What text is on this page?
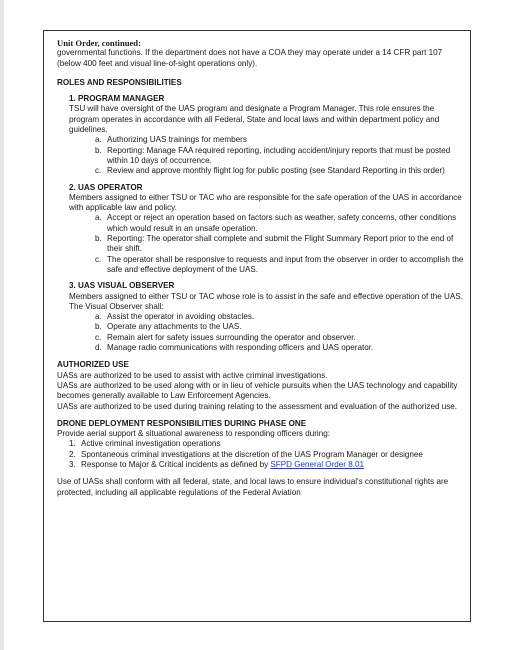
Unit Order, continued:
governmental functions. If the department does not have a COA they may operate under a 14 CFR part 107 (below 400 feet and visual line-of-sight operations only).
ROLES AND RESPONSIBILITIES
1. PROGRAM MANAGER
TSU will have oversight of the UAS program and designate a Program Manager. This role ensures the program operates in accordance with all Federal, State and local laws and within department policy and guidelines.
a. Authorizing UAS trainings for members
b. Reporting: Manage FAA required reporting, including accident/injury reports that must be posted within 10 days of occurrence.
c. Review and approve monthly flight log for public posting (see Standard Reporting in this order)
2. UAS OPERATOR
Members assigned to either TSU or TAC who are responsible for the safe operation of the UAS in accordance with applicable law and policy.
a. Accept or reject an operation based on factors such as weather, safety concerns, other conditions which would result in an unsafe operation.
b. Reporting: The operator shall complete and submit the Flight Summary Report prior to the end of their shift.
c. The operator shall be responsive to requests and input from the observer in order to accomplish the safe and effective deployment of the UAS.
3. UAS VISUAL OBSERVER
Members assigned to either TSU or TAC whose role is to assist in the safe and effective operation of the UAS. The Visual Observer shall:
a. Assist the operator in avoiding obstacles.
b. Operate any attachments to the UAS.
c. Remain alert for safety issues surrounding the operator and observer.
d. Manage radio communications with responding officers and UAS operator.
AUTHORIZED USE
UASs are authorized to be used to assist with active criminal investigations.
UASs are authorized to be used along with or in lieu of vehicle pursuits when the UAS technology and capability becomes generally available to Law Enforcement Agencies.
UASs are authorized to be used during training relating to the assessment and evaluation of the authorized use.
DRONE DEPLOYMENT RESPONSIBILITIES DURING PHASE ONE
Provide aerial support & situational awareness to responding officers during:
1. Active criminal investigation operations
2. Spontaneous criminal investigations at the discretion of the UAS Program Manager or designee
3. Response to Major & Critical incidents as defined by SFPD General Order 8.01
Use of UASs shall conform with all federal, state, and local laws to ensure individual's constitutional rights are protected, including all applicable regulations of the Federal Aviation
